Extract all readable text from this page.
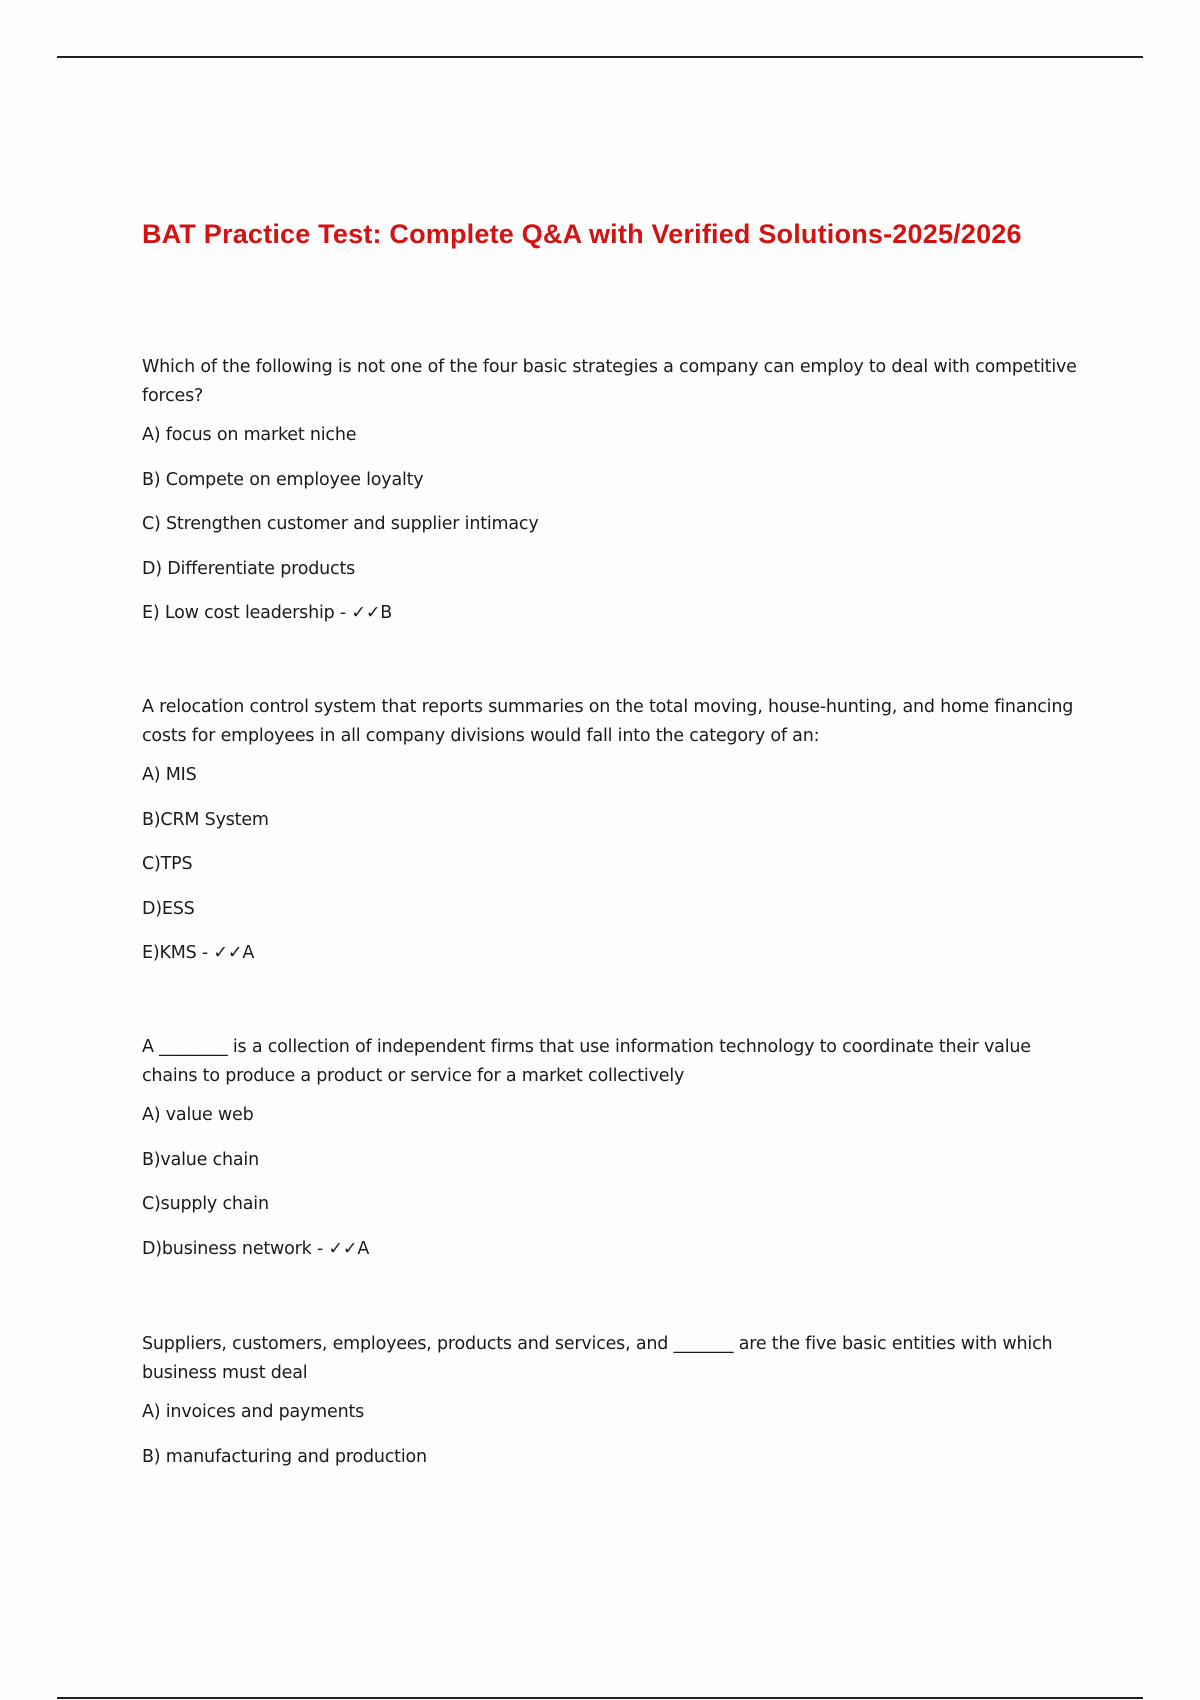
BAT Practice Test: Complete Q&A with Verified Solutions-2025/2026

Which of the following is not one of the four basic strategies a company can employ to deal with competitive forces?

A) focus on market niche
B) Compete on employee loyalty
C) Strengthen customer and supplier intimacy
D) Differentiate products
E) Low cost leadership - ✓✓B

A relocation control system that reports summaries on the total moving, house-hunting, and home financing costs for employees in all company divisions would fall into the category of an:

A) MIS
B)CRM System
C)TPS
D)ESS
E)KMS - ✓✓A

A ________ is a collection of independent firms that use information technology to coordinate their value chains to produce a product or service for a market collectively

A) value web
B)value chain
C)supply chain
D)business network - ✓✓A

Suppliers, customers, employees, products and services, and _______ are the five basic entities with which business must deal

A) invoices and payments
B) manufacturing and production
